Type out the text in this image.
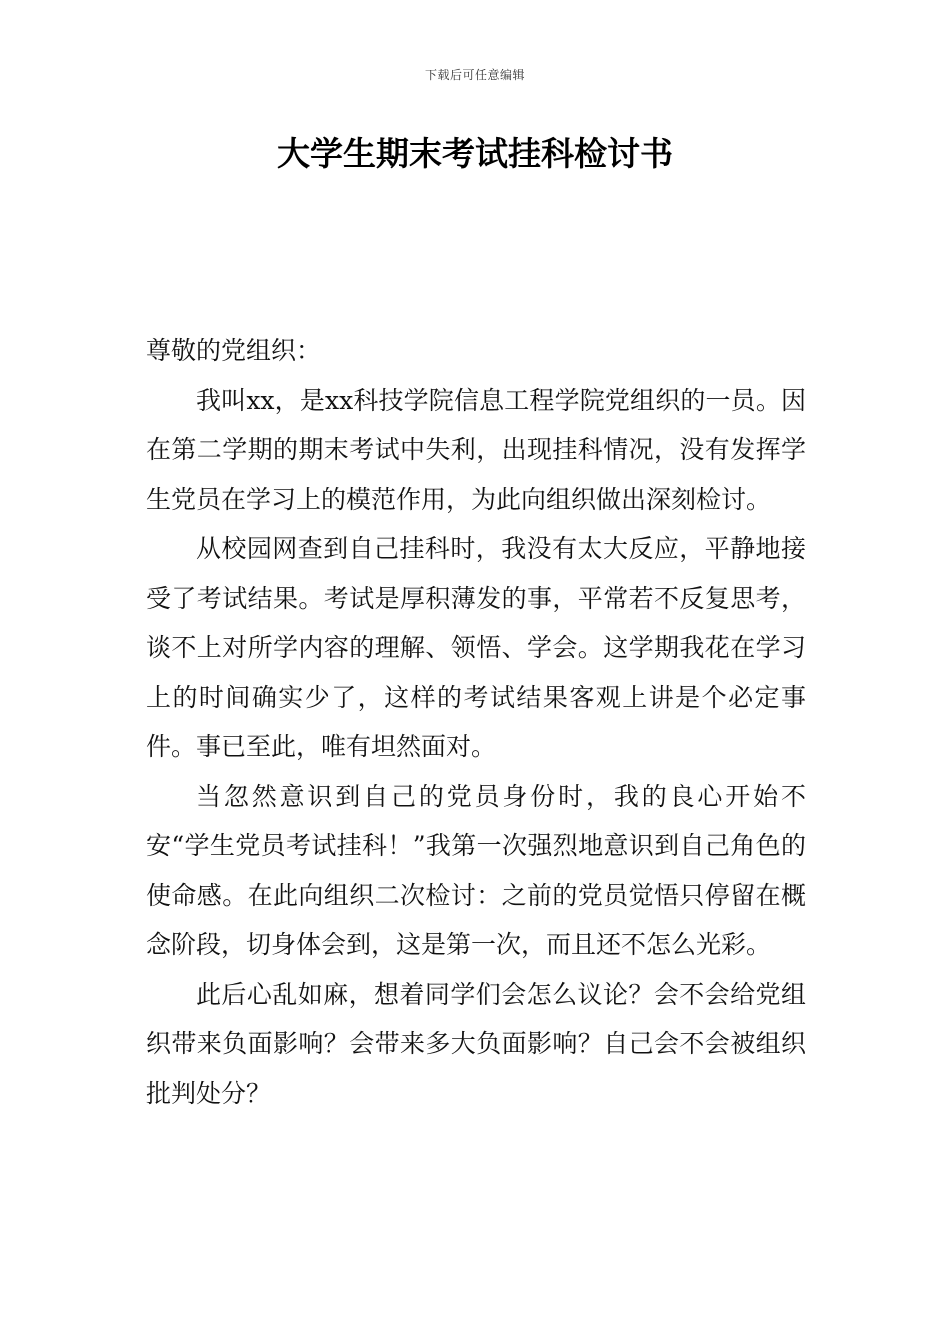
下载后可任意编辑
大学生期末考试挂科检讨书

尊敬的党组织：

我叫xx，是xx科技学院信息工程学院党组织的一员。因在第二学期的期末考试中失利，出现挂科情况，没有发挥学生党员在学习上的模范作用，为此向组织做出深刻检讨。

从校园网查到自己挂科时，我没有太大反应，平静地接受了考试结果。考试是厚积薄发的事，平常若不反复思考，谈不上对所学内容的理解、领悟、学会。这学期我花在学习上的时间确实少了，这样的考试结果客观上讲是个必定事件。事已至此，唯有坦然面对。

当忽然意识到自己的党员身份时，我的良心开始不安“学生党员考试挂科！”我第一次强烈地意识到自己角色的使命感。在此向组织二次检讨：之前的党员觉悟只停留在概念阶段，切身体会到，这是第一次，而且还不怎么光彩。

此后心乱如麻，想着同学们会怎么议论？会不会给党组织带来负面影响？会带来多大负面影响？自己会不会被组织批判处分？
